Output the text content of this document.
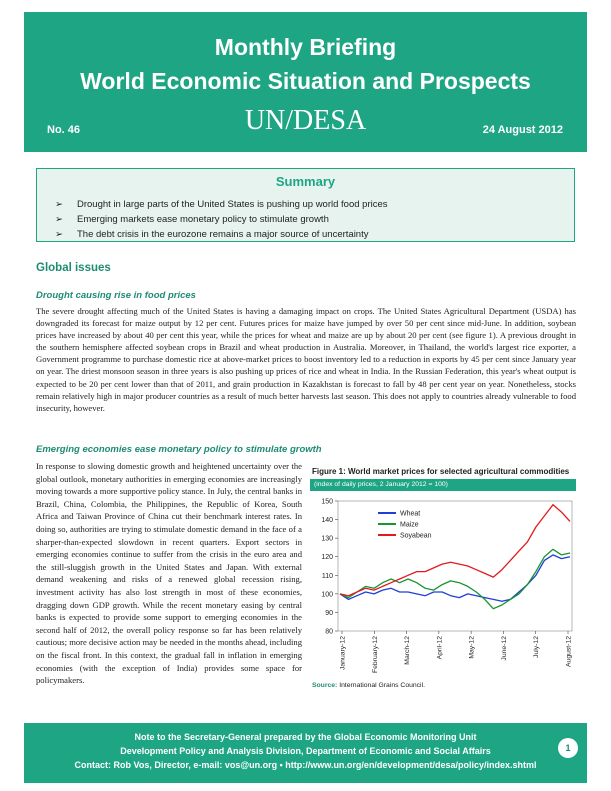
Monthly Briefing
World Economic Situation and Prospects
No. 46	UN/DESA	24 August 2012
Summary
➢ Drought in large parts of the United States is pushing up world food prices
➢ Emerging markets ease monetary policy to stimulate growth
➢ The debt crisis in the eurozone remains a major source of uncertainty
Global issues
Drought causing rise in food prices

The severe drought affecting much of the United States is having a damaging impact on crops. The United States Agricultural Department (USDA) has downgraded its forecast for maize output by 12 per cent. Futures prices for maize have jumped by over 50 per cent since mid-June. In addition, soybean prices have increased by about 40 per cent this year, while the prices for wheat and maize are up by about 20 per cent (see figure 1). A previous drought in the southern hemisphere affected soybean crops in Brazil and wheat production in Australia. Moreover, in Thailand, the world's largest rice exporter, a Government programme to purchase domestic rice at above-market prices to boost inventory led to a reduction in exports by 45 per cent since January year on year. The driest monsoon season in three years is also pushing up prices of rice and wheat in India. In the Russian Federation, this year's wheat output is expected to be 20 per cent lower than that of 2011, and grain production in Kazakhstan is forecast to fall by 48 per cent year on year. Nonetheless, stocks remain relatively high in major producer countries as a result of much better harvests last season. This does not apply to countries already vulnerable to food insecurity, however.

Emerging economies ease monetary policy to stimulate growth

In response to slowing domestic growth and heightened uncertainty over the global outlook, monetary authorities in emerging economies are increasingly moving towards a more supportive policy stance. In July, the central banks in Brazil, China, Colombia, the Philippines, the Republic of Korea, South Africa and Taiwan Province of China cut their benchmark interest rates. In doing so, authorities are trying to stimulate domestic demand in the face of a sharper-than-expected slowdown in recent quarters. Export sectors in emerging economies continue to suffer from the crisis in the euro area and the still-sluggish growth in the United States and Japan. With external demand weakening and risks of a renewed global recession rising, investment activity has also lost strength in most of these economies, dragging down GDP growth. While the recent monetary easing by central banks is expected to provide some support to emerging economies in the second half of 2012, the overall policy response so far has been relatively cautious; more decisive action may be needed in the months ahead, including on the fiscal front. In this context, the gradual fall in inflation in emerging economies (with the exception of India) provides some space for policymakers.

Figure 1: World market prices for selected agricultural commodities
(index of daily prices, 2 January 2012 = 100)
80
90
100
110
120
130
140
150
January-12	February-12	March-12	April-12	May-12	June-12	July-12	August-12
Wheat
Maize
Soyabean
Source: International Grains Council.
Note to the Secretary-General prepared by the Global Economic Monitoring Unit
Development Policy and Analysis Division, Department of Economic and Social Affairs
Contact: Rob Vos, Director, e-mail: vos@un.org • http://www.un.org/en/development/desa/policy/index.shtml
1
